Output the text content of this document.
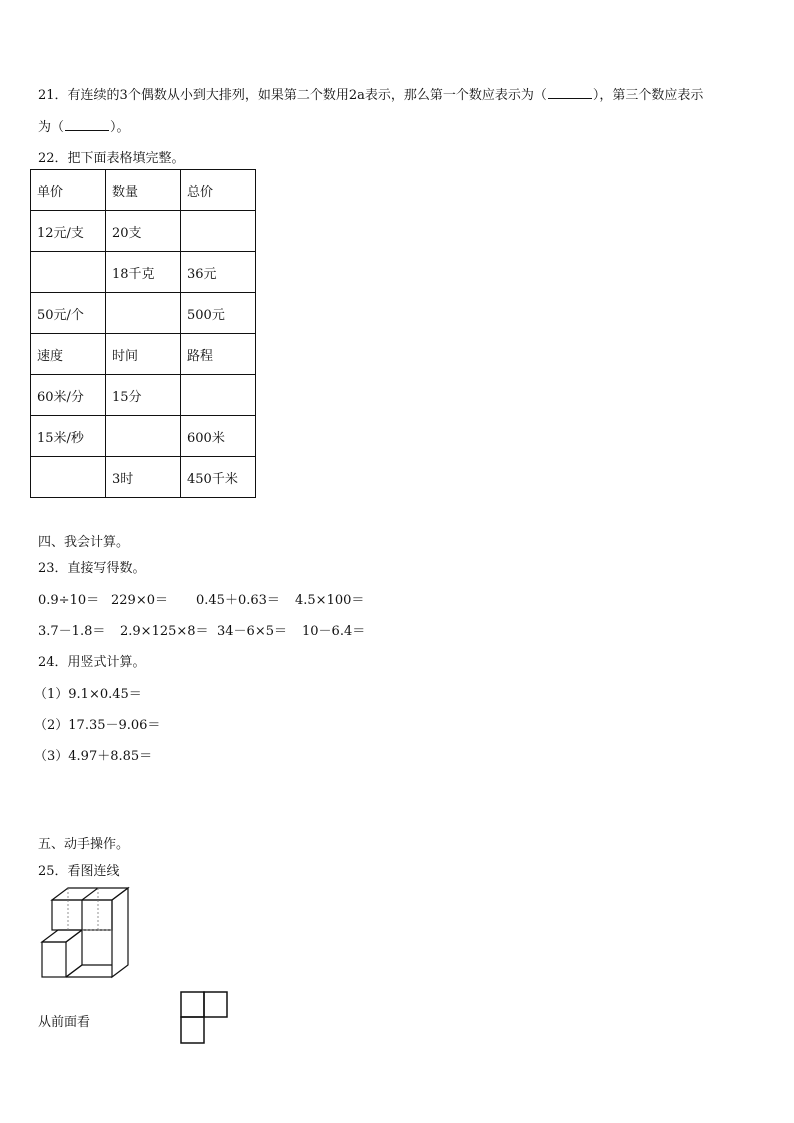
21．有连续的3个偶数从小到大排列，如果第二个数用2a表示，那么第一个数应表示为（	），第三个数应表示
为（	）。
22．把下面表格填完整。
单价	数量	总价
12元/支	20支	
	18千克	36元
50元/个		500元
速度	时间	路程
60米/分	15分	
15米/秒		600米
	3时	450千米
四、我会计算。
23．直接写得数。
0.9÷10＝ 229×0＝ 0.45＋0.63＝ 4.5×100＝
3.7－1.8＝ 2.9×125×8＝ 34－6×5＝ 10－6.4＝
24．用竖式计算。
（1）9.1×0.45＝
（2）17.35－9.06＝
（3）4.97＋8.85＝
五、动手操作。
25．看图连线
从前面看
